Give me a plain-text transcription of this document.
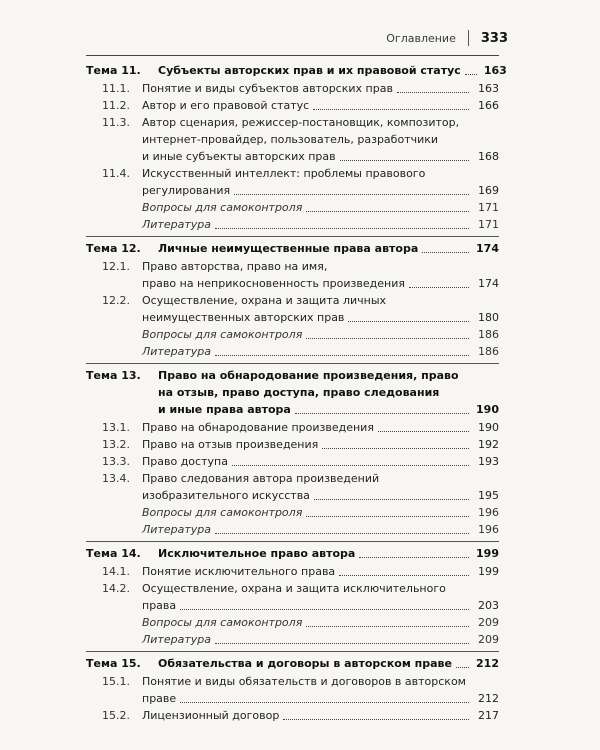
Оглавление 333
Тема 11.	Субъекты авторских прав и их правовой статус 163
11.1.	Понятие и виды субъектов авторских прав	163
11.2.	Автор и его правовой статус	166
11.3.	Автор сценария, режиссер-постановщик, композитор,
интернет-провайдер, пользователь, разработчики
и иные субъекты авторских прав	168
11.4.	Искусственный интеллект: проблемы правового
регулирования	169
Вопросы для самоконтроля	171
Литература	171
Тема 12.	Личные неимущественные права автора	174
12.1.	Право авторства, право на имя,
право на неприкосновенность произведения	174
12.2.	Осуществление, охрана и защита личных
неимущественных авторских прав	180
Вопросы для самоконтроля	186
Литература	186
Тема 13.	Право на обнародование произведения, право
на отзыв, право доступа, право следования
и иные права автора	190
13.1.	Право на обнародование произведения	190
13.2.	Право на отзыв произведения	192
13.3.	Право доступа	193
13.4.	Право следования автора произведений
изобразительного искусства	195
Вопросы для самоконтроля	196
Литература	196
Тема 14.	Исключительное право автора	199
14.1.	Понятие исключительного права	199
14.2.	Осуществление, охрана и защита исключительного
права	203
Вопросы для самоконтроля	209
Литература	209
Тема 15.	Обязательства и договоры в авторском праве 212
15.1.	Понятие и виды обязательств и договоров в авторском
праве	212
15.2.	Лицензионный договор	217
